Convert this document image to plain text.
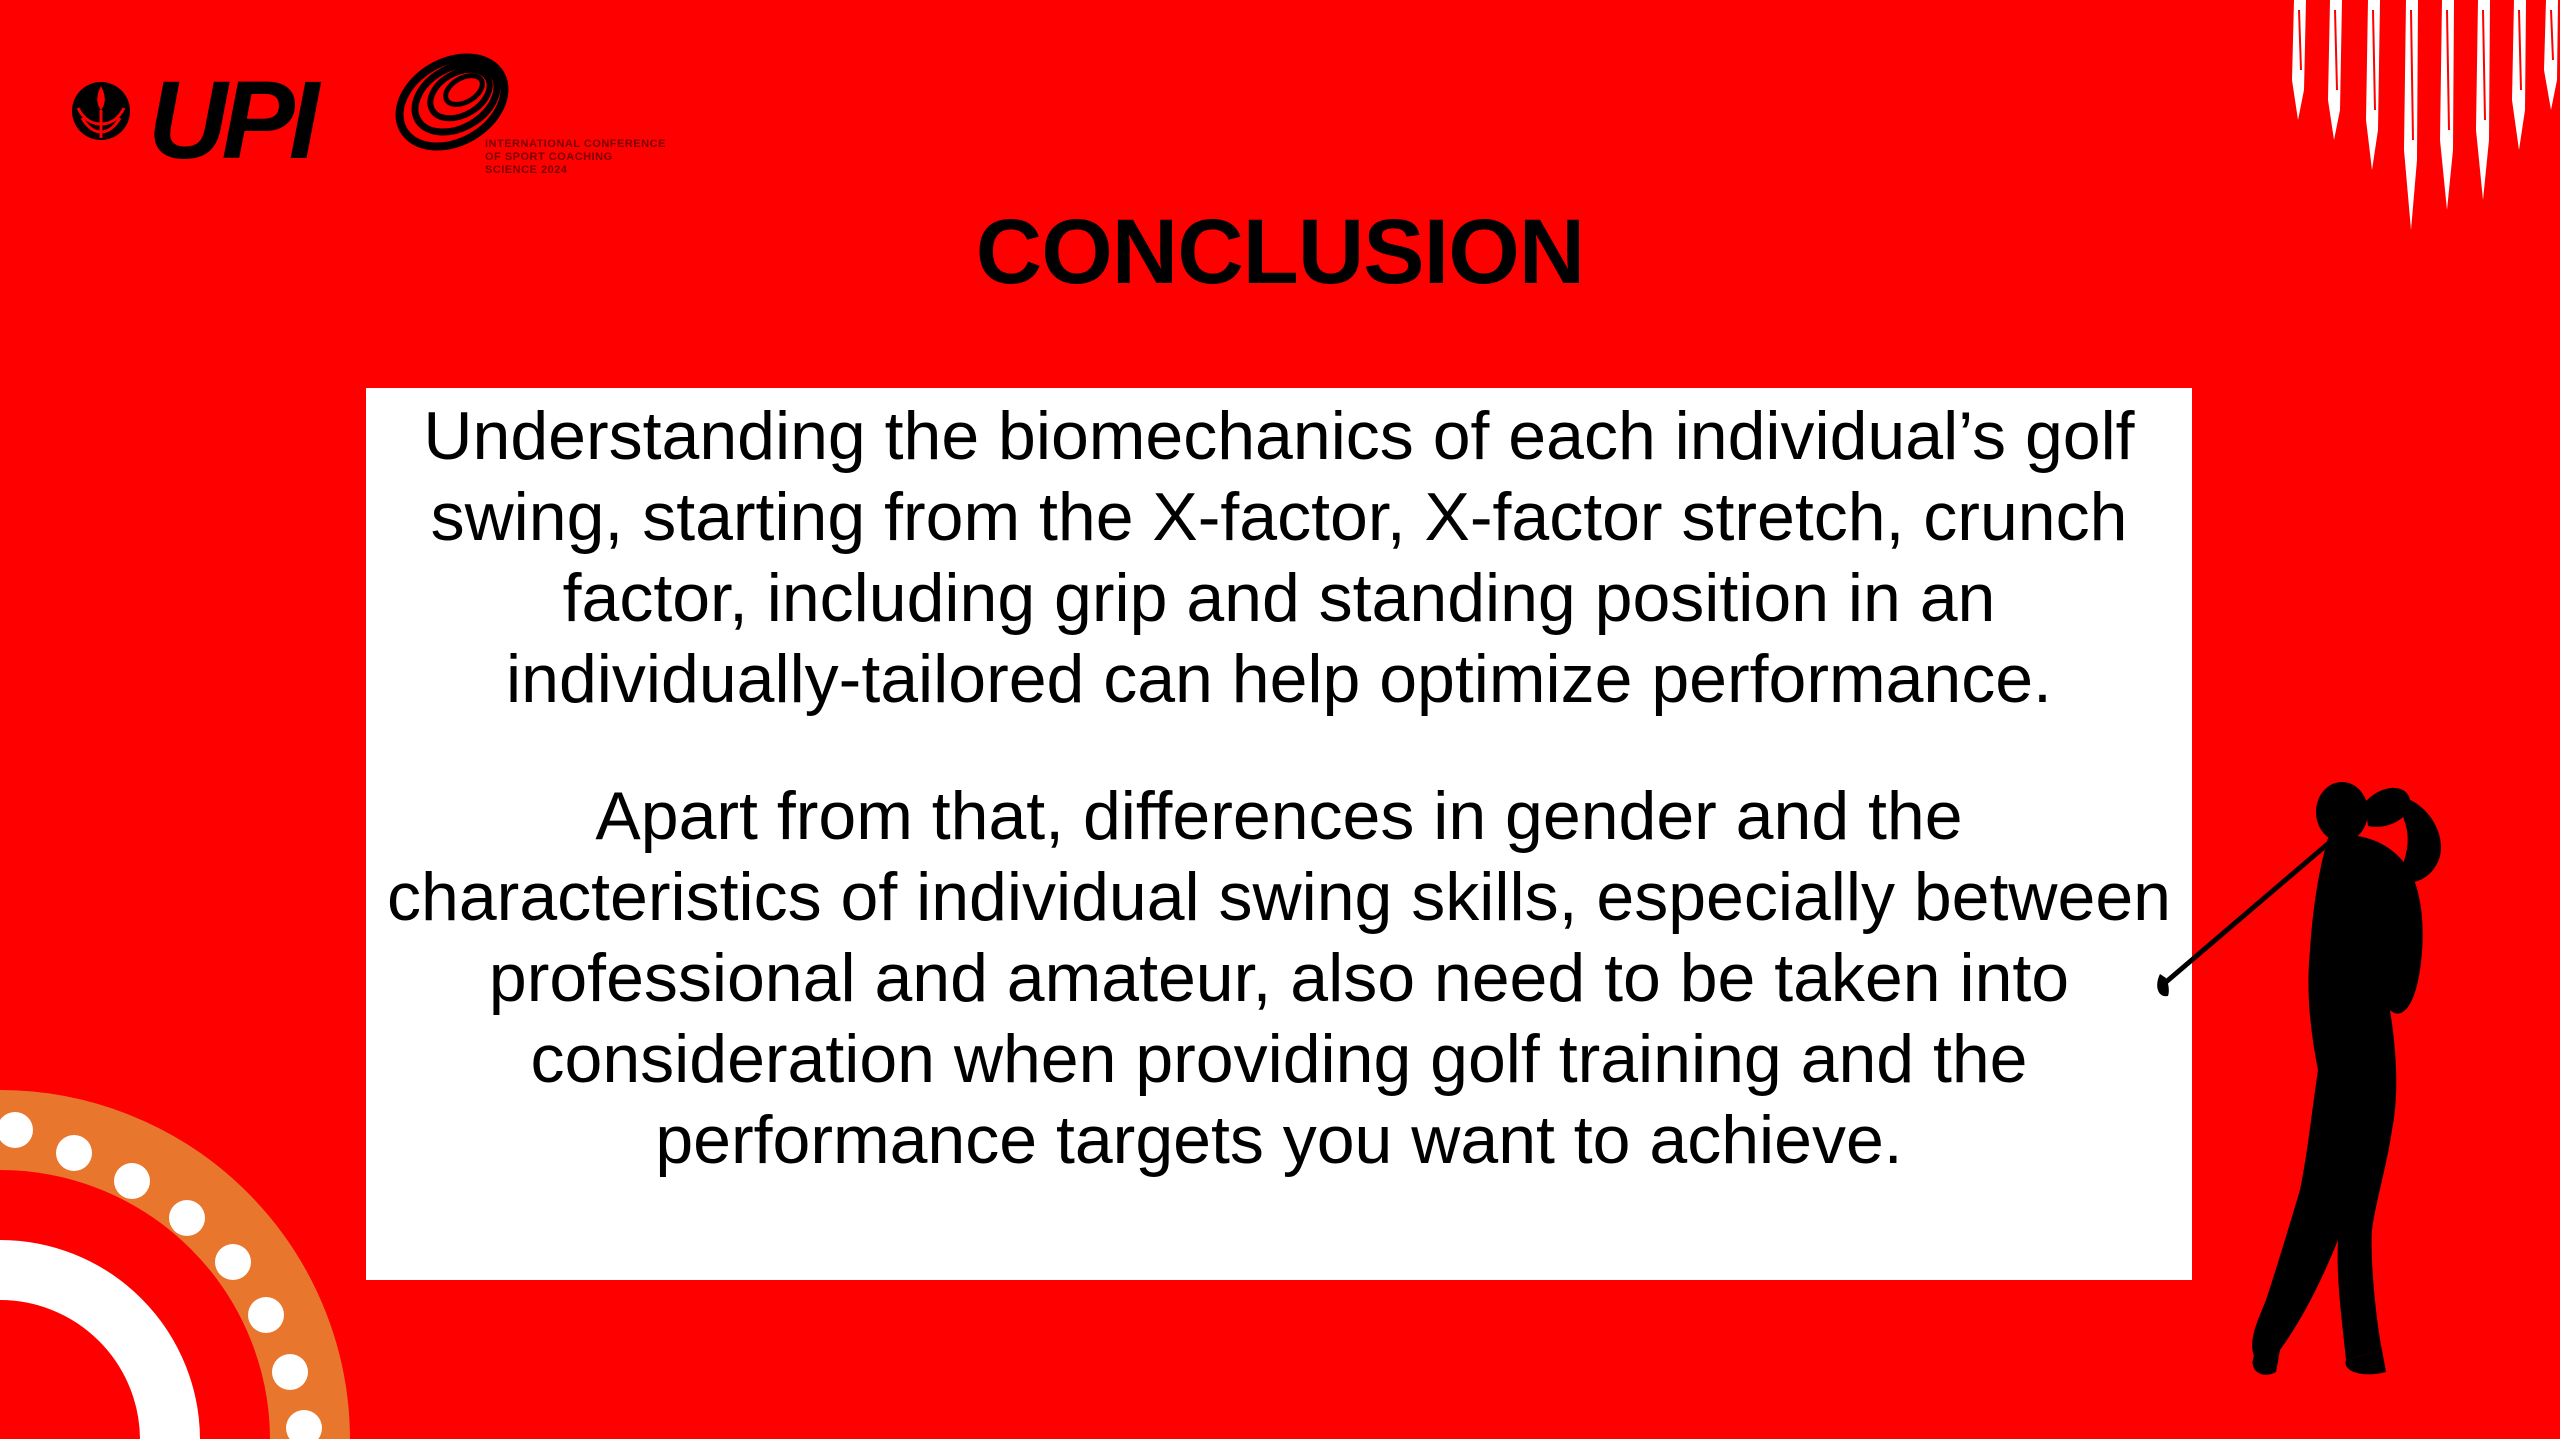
UPI	INTERNATIONAL CONFERENCE
OF SPORT COACHING
SCIENCE 2024
CONCLUSION

Understanding the biomechanics of each individual’s golf swing, starting from the X-factor, X-factor stretch, crunch factor, including grip and standing position in an individually-tailored can help optimize performance.

Apart from that, differences in gender and the characteristics of individual swing skills, especially between professional and amateur, also need to be taken into consideration when providing golf training and the performance targets you want to achieve.
